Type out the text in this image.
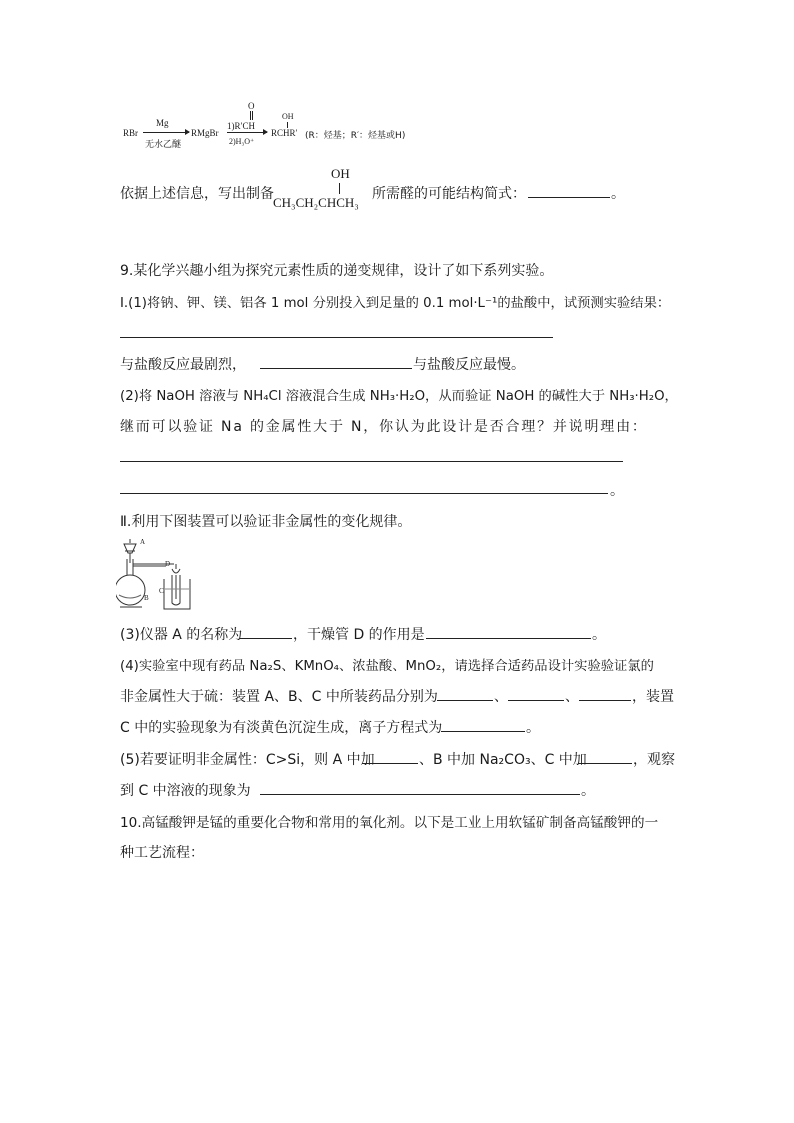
RBr
Mg
无水乙醚
RMgBr
O
1)R′CH
2)H₃O⁺
OH
RCHR′ (R：烃基；R′：烃基或H)
依据上述信息，写出制备
OH
CH₃CH₂CHCH₃
所需醛的可能结构简式：	。
9.某化学兴趣小组为探究元素性质的递变规律，设计了如下系列实验。
Ⅰ.(1)将钠、钾、镁、铝各 1 mol 分别投入到足量的 0.1 mol·L⁻¹的盐酸中，试预测实验结果：
与盐酸反应最剧烈，	与盐酸反应最慢。
(2)将 NaOH 溶液与 NH₄Cl 溶液混合生成 NH₃·H₂O，从而验证 NaOH 的碱性大于 NH₃·H₂O，
继而可以验证 Na 的金属性大于 N，你认为此设计是否合理？并说明理由：
。
Ⅱ.利用下图装置可以验证非金属性的变化规律。
A
B
C
D
(3)仪器 A 的名称为	，干燥管 D 的作用是	。
(4)实验室中现有药品 Na₂S、KMnO₄、浓盐酸、MnO₂，请选择合适药品设计实验验证氯的
非金属性大于硫：装置 A、B、C 中所装药品分别为	、	、	，装置
C 中的实验现象为有淡黄色沉淀生成，离子方程式为	。
(5)若要证明非金属性：C>Si，则 A 中加	、B 中加 Na₂CO₃、C 中加	，观察
到 C 中溶液的现象为	。
10.高锰酸钾是锰的重要化合物和常用的氧化剂。以下是工业上用软锰矿制备高锰酸钾的一
种工艺流程：
